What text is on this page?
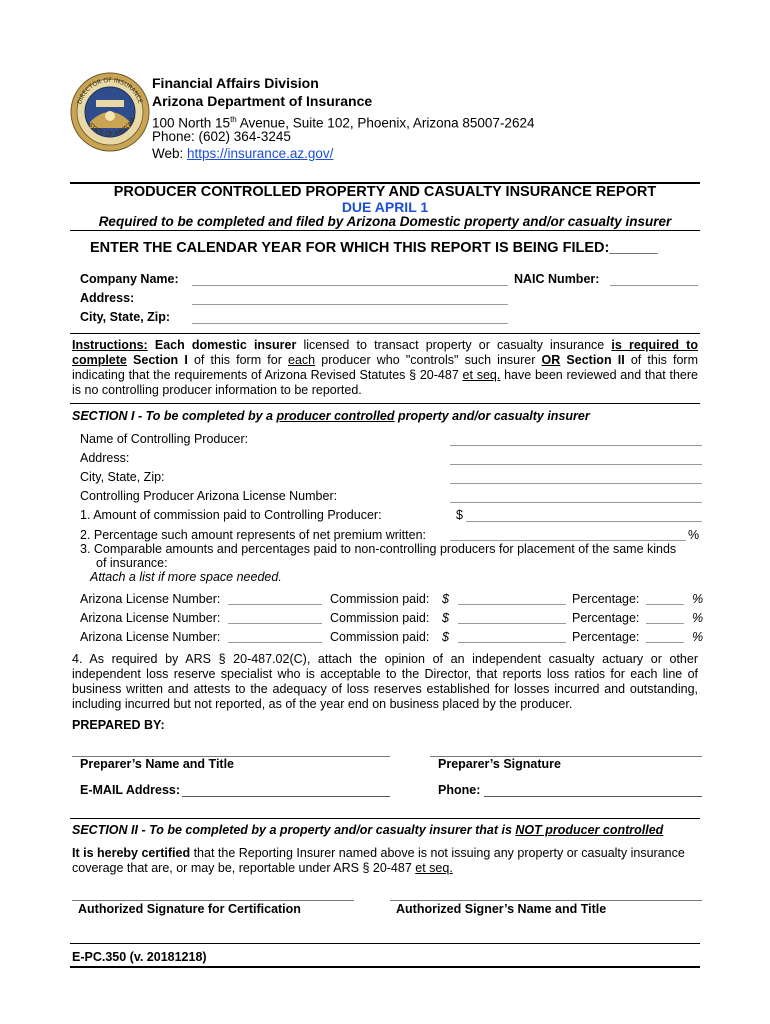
DIRECTOR OF INSURANCE
STATE OF ARIZONA
Financial Affairs Division
Arizona Department of Insurance
100 North 15th Avenue, Suite 102, Phoenix, Arizona 85007-2624
Phone: (602) 364-3245
Web: https://insurance.az.gov/
PRODUCER CONTROLLED PROPERTY AND CASUALTY INSURANCE REPORT
DUE APRIL 1
Required to be completed and filed by Arizona Domestic property and/or casualty insurer
ENTER THE CALENDAR YEAR FOR WHICH THIS REPORT IS BEING FILED:______
Company Name:	NAIC Number:
Address:
City, State, Zip:
Instructions: Each domestic insurer licensed to transact property or casualty insurance is required to complete Section I of this form for each producer who "controls" such insurer OR Section II of this form indicating that the requirements of Arizona Revised Statutes § 20-487 et seq. have been reviewed and that there is no controlling producer information to be reported.
SECTION I - To be completed by a producer controlled property and/or casualty insurer
Name of Controlling Producer:
Address:
City, State, Zip:
Controlling Producer Arizona License Number:
1. Amount of commission paid to Controlling Producer:	$
2. Percentage such amount represents of net premium written:	%
3. Comparable amounts and percentages paid to non-controlling producers for placement of the same kinds
of insurance:
Attach a list if more space needed.
Arizona License Number:	Commission paid: $	Percentage:	%
Arizona License Number:	Commission paid: $	Percentage:	%
Arizona License Number:	Commission paid: $	Percentage:	%
4. As required by ARS § 20-487.02(C), attach the opinion of an independent casualty actuary or other independent loss reserve specialist who is acceptable to the Director, that reports loss ratios for each line of business written and attests to the adequacy of loss reserves established for losses incurred and outstanding, including incurred but not reported, as of the year end on business placed by the producer.
PREPARED BY:
Preparer’s Name and Title	Preparer’s Signature
E-MAIL Address:	Phone:
SECTION II - To be completed by a property and/or casualty insurer that is NOT producer controlled
It is hereby certified that the Reporting Insurer named above is not issuing any property or casualty insurance coverage that are, or may be, reportable under ARS § 20-487 et seq.
Authorized Signature for Certification	Authorized Signer’s Name and Title
E-PC.350 (v. 20181218)
